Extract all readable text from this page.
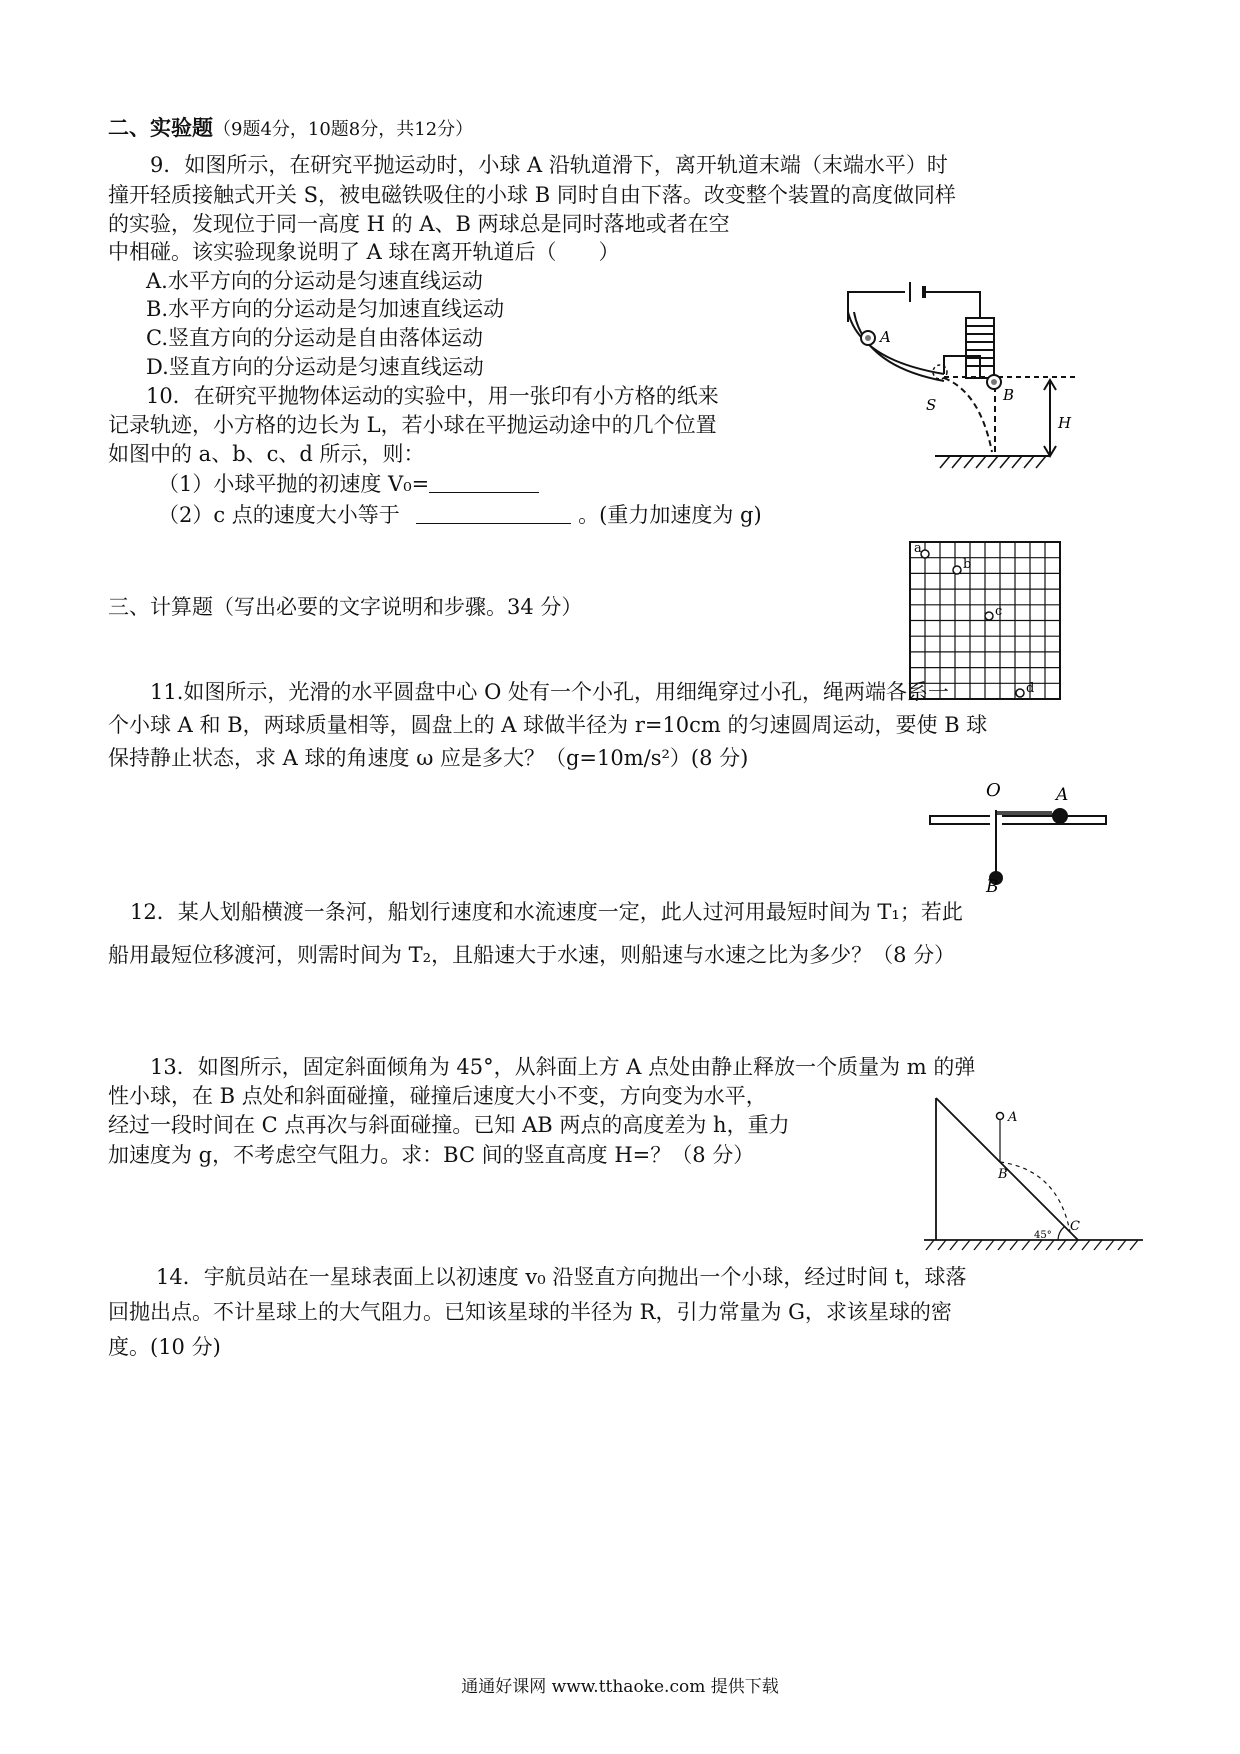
二、实验题（9题4分，10题8分，共12分）
9．如图所示，在研究平抛运动时，小球 A 沿轨道滑下，离开轨道末端（末端水平）时
撞开轻质接触式开关 S，被电磁铁吸住的小球 B 同时自由下落。改变整个装置的高度做同样
的实验，发现位于同一高度 H 的 A、B 两球总是同时落地或者在空
中相碰。该实验现象说明了 A 球在离开轨道后（　　）
A.水平方向的分运动是匀速直线运动
B.水平方向的分运动是匀加速直线运动
C.竖直方向的分运动是自由落体运动
D.竖直方向的分运动是匀速直线运动
A
B
S
H
10．在研究平抛物体运动的实验中，用一张印有小方格的纸来
记录轨迹，小方格的边长为 L，若小球在平抛运动途中的几个位置
如图中的 a、b、c、d 所示，则：
（1）小球平抛的初速度 V₀=
（2）c 点的速度大小等于	。(重力加速度为 g)
a
b
c
d
三、计算题（写出必要的文字说明和步骤。34 分）
11.如图所示，光滑的水平圆盘中心 O 处有一个小孔，用细绳穿过小孔，绳两端各系一
个小球 A 和 B，两球质量相等，圆盘上的 A 球做半径为 r=10cm 的匀速圆周运动，要使 B 球
保持静止状态，求 A 球的角速度 ω 应是多大？（g=10m/s²）(8 分)
O	A
B
12．某人划船横渡一条河，船划行速度和水流速度一定，此人过河用最短时间为 T₁；若此
船用最短位移渡河，则需时间为 T₂，且船速大于水速，则船速与水速之比为多少？（8 分）
13．如图所示，固定斜面倾角为 45°，从斜面上方 A 点处由静止释放一个质量为 m 的弹
性小球，在 B 点处和斜面碰撞，碰撞后速度大小不变，方向变为水平，
经过一段时间在 C 点再次与斜面碰撞。已知 AB 两点的高度差为 h，重力
加速度为 g，不考虑空气阻力。求：BC 间的竖直高度 H=？（8 分）
A
B
C
45°
14．宇航员站在一星球表面上以初速度 v₀ 沿竖直方向抛出一个小球，经过时间 t，球落
回抛出点。不计星球上的大气阻力。已知该星球的半径为 R，引力常量为 G，求该星球的密
度。(10 分)
通通好课网 www.tthaoke.com 提供下载
